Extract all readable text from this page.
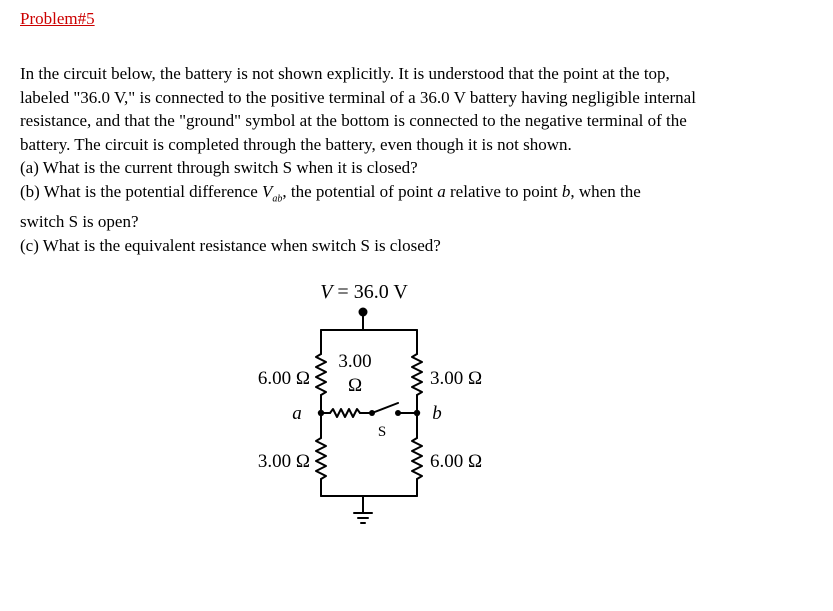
Problem#5

In the circuit below, the battery is not shown explicitly. It is understood that the point at the top,

labeled "36.0 V," is connected to the positive terminal of a 36.0 V battery having negligible internal

resistance, and that the "ground" symbol at the bottom is connected to the negative terminal of the

battery. The circuit is completed through the battery, even though it is not shown.

(a) What is the current through switch S when it is closed?

(b) What is the potential difference $V_{ab}$, the potential of point a relative to point b, when the

switch S is open?

(c) What is the equivalent resistance when switch S is closed?

V = 36.0 V
6.00 Ω
3.00
Ω	3.00 Ω
a	b
S
3.00 Ω	6.00 Ω
